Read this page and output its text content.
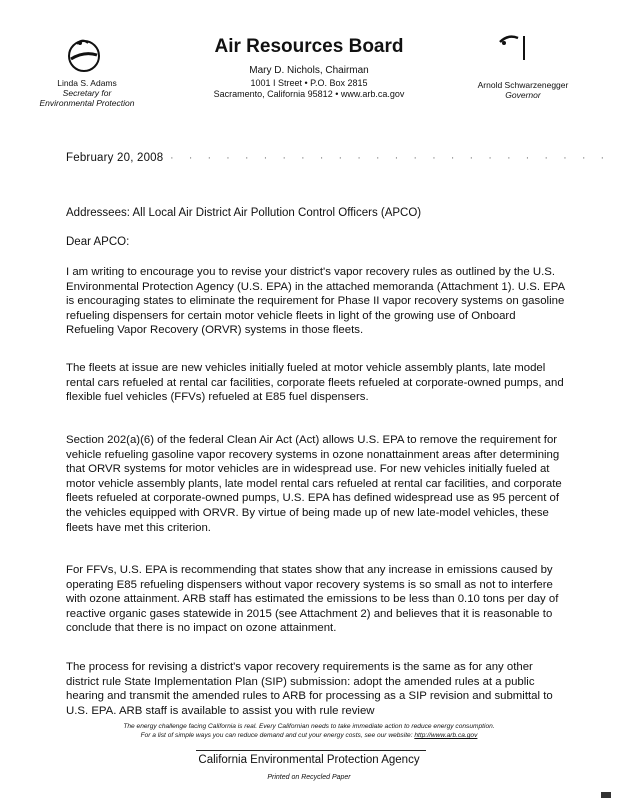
Linda S. Adams
Secretary for
Environmental Protection
Air Resources Board
Mary D. Nichols, Chairman
1001 I Street • P.O. Box 2815
Sacramento, California 95812 • www.arb.ca.gov
Arnold Schwarzenegger
Governor
February 20, 2008 · · · · · · · · · · · · · · · · · · · · · · · ·
Addressees: All Local Air District Air Pollution Control Officers (APCO)
Dear APCO:
I am writing to encourage you to revise your district's vapor recovery rules as outlined by the U.S. Environmental Protection Agency (U.S. EPA) in the attached memoranda (Attachment 1). U.S. EPA is encouraging states to eliminate the requirement for Phase II vapor recovery systems on gasoline refueling dispensers for certain motor vehicle fleets in light of the growing use of Onboard Refueling Vapor Recovery (ORVR) systems in those fleets.
The fleets at issue are new vehicles initially fueled at motor vehicle assembly plants, late model rental cars refueled at rental car facilities, corporate fleets refueled at corporate-owned pumps, and flexible fuel vehicles (FFVs) refueled at E85 fuel dispensers.
Section 202(a)(6) of the federal Clean Air Act (Act) allows U.S. EPA to remove the requirement for vehicle refueling gasoline vapor recovery systems in ozone nonattainment areas after determining that ORVR systems for motor vehicles are in widespread use. For new vehicles initially fueled at motor vehicle assembly plants, late model rental cars refueled at rental car facilities, and corporate fleets refueled at corporate-owned pumps, U.S. EPA has defined widespread use as 95 percent of the vehicles equipped with ORVR. By virtue of being made up of new late-model vehicles, these fleets have met this criterion.
For FFVs, U.S. EPA is recommending that states show that any increase in emissions caused by operating E85 refueling dispensers without vapor recovery systems is so small as not to interfere with ozone attainment. ARB staff has estimated the emissions to be less than 0.10 tons per day of reactive organic gases statewide in 2015 (see Attachment 2) and believes that it is reasonable to conclude that there is no impact on ozone attainment.
The process for revising a district's vapor recovery requirements is the same as for any other district rule State Implementation Plan (SIP) submission: adopt the amended rules at a public hearing and transmit the amended rules to ARB for processing as a SIP revision and submittal to U.S. EPA. ARB staff is available to assist you with rule review
The energy challenge facing California is real. Every Californian needs to take immediate action to reduce energy consumption.
For a list of simple ways you can reduce demand and cut your energy costs, see our website: http://www.arb.ca.gov
California Environmental Protection Agency
Printed on Recycled Paper
